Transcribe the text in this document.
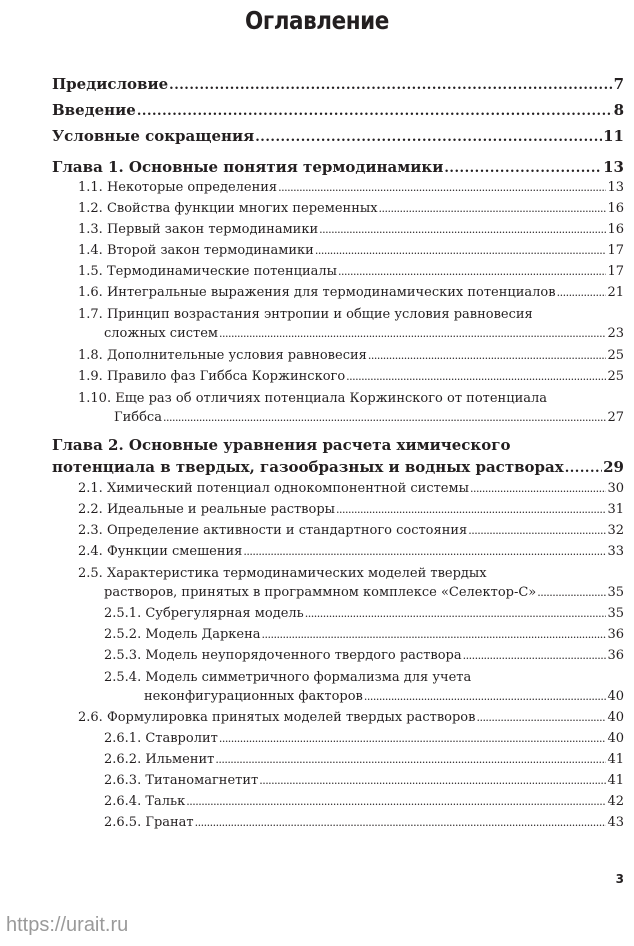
Оглавление
Предисловие . . .	7
Введение . . .	8
Условные сокращения . . .	11
Глава 1. Основные понятия термодинамики . . .	13
1.1. Некоторые определения . . .	13
1.2. Свойства функции многих переменных . . .	16
1.3. Первый закон термодинамики . . .	16
1.4. Второй закон термодинамики . . .	17
1.5. Термодинамические потенциалы . . .	17
1.6. Интегральные выражения для термодинамических потенциалов . . .	21
1.7. Принцип возрастания энтропии и общие условия равновесия
сложных систем . . .	23
1.8. Дополнительные условия равновесия . . .	25
1.9. Правило фаз Гиббса Коржинского . . .	25
1.10. Еще раз об отличиях потенциала Коржинского от потенциала
Гиббса . . .	27
Глава 2. Основные уравнения расчета химического
потенциала в твердых, газообразных и водных растворах . . .	29
2.1. Химический потенциал однокомпонентной системы . . .	30
2.2. Идеальные и реальные растворы . . .	31
2.3. Определение активности и стандартного состояния . . .	32
2.4. Функции смешения . . .	33
2.5. Характеристика термодинамических моделей твердых
растворов, принятых в программном комплексе «Селектор-С» . . .	35
2.5.1. Субрегулярная модель . . .	35
2.5.2. Модель Даркена . . .	36
2.5.3. Модель неупорядоченного твердого раствора . . .	36
2.5.4. Модель симметричного формализма для учета
неконфигурационных факторов . . .	40
2.6. Формулировка принятых моделей твердых растворов . . .	40
2.6.1. Ставролит . . .	40
2.6.2. Ильменит . . .	41
2.6.3. Титаномагнетит . . .	41
2.6.4. Тальк . . .	42
2.6.5. Гранат . . .	43
3
https://urait.ru
